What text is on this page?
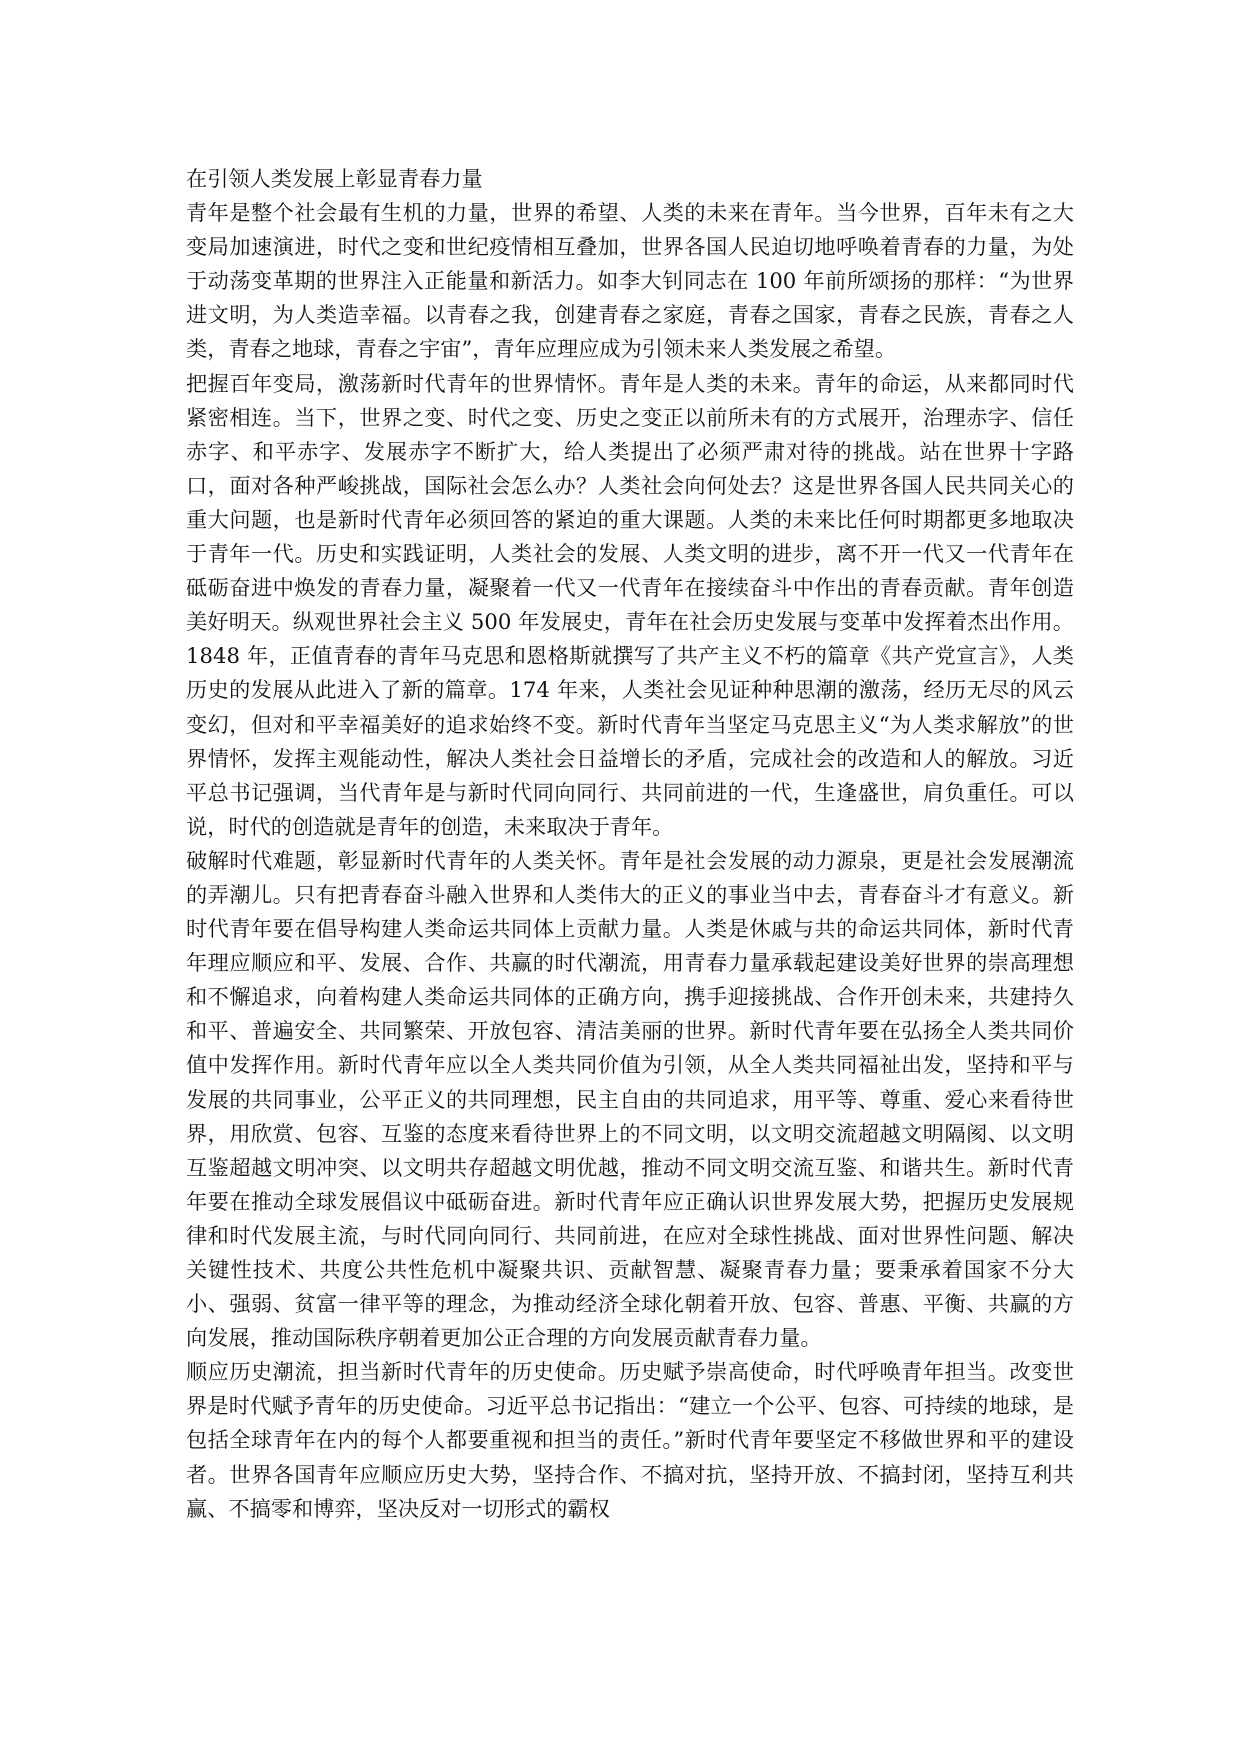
在引领人类发展上彰显青春力量

青年是整个社会最有生机的力量，世界的希望、人类的未来在青年。当今世界，百年未有之大变局加速演进，时代之变和世纪疫情相互叠加，世界各国人民迫切地呼唤着青春的力量，为处于动荡变革期的世界注入正能量和新活力。如李大钊同志在 100 年前所颂扬的那样：“为世界进文明，为人类造幸福。以青春之我，创建青春之家庭，青春之国家，青春之民族，青春之人类，青春之地球，青春之宇宙”，青年应理应成为引领未来人类发展之希望。

把握百年变局，激荡新时代青年的世界情怀。青年是人类的未来。青年的命运，从来都同时代紧密相连。当下，世界之变、时代之变、历史之变正以前所未有的方式展开，治理赤字、信任赤字、和平赤字、发展赤字不断扩大，给人类提出了必须严肃对待的挑战。站在世界十字路口，面对各种严峻挑战，国际社会怎么办？人类社会向何处去？这是世界各国人民共同关心的重大问题，也是新时代青年必须回答的紧迫的重大课题。人类的未来比任何时期都更多地取决于青年一代。历史和实践证明，人类社会的发展、人类文明的进步，离不开一代又一代青年在砥砺奋进中焕发的青春力量，凝聚着一代又一代青年在接续奋斗中作出的青春贡献。青年创造美好明天。纵观世界社会主义 500 年发展史，青年在社会历史发展与变革中发挥着杰出作用。1848 年，正值青春的青年马克思和恩格斯就撰写了共产主义不朽的篇章《共产党宣言》，人类历史的发展从此进入了新的篇章。174 年来，人类社会见证种种思潮的激荡，经历无尽的风云变幻，但对和平幸福美好的追求始终不变。新时代青年当坚定马克思主义“为人类求解放”的世界情怀，发挥主观能动性，解决人类社会日益增长的矛盾，完成社会的改造和人的解放。习近平总书记强调，当代青年是与新时代同向同行、共同前进的一代，生逢盛世，肩负重任。可以说，时代的创造就是青年的创造，未来取决于青年。

破解时代难题，彰显新时代青年的人类关怀。青年是社会发展的动力源泉，更是社会发展潮流的弄潮儿。只有把青春奋斗融入世界和人类伟大的正义的事业当中去，青春奋斗才有意义。新时代青年要在倡导构建人类命运共同体上贡献力量。人类是休戚与共的命运共同体，新时代青年理应顺应和平、发展、合作、共赢的时代潮流，用青春力量承载起建设美好世界的崇高理想和不懈追求，向着构建人类命运共同体的正确方向，携手迎接挑战、合作开创未来，共建持久和平、普遍安全、共同繁荣、开放包容、清洁美丽的世界。新时代青年要在弘扬全人类共同价值中发挥作用。新时代青年应以全人类共同价值为引领，从全人类共同福祉出发，坚持和平与发展的共同事业，公平正义的共同理想，民主自由的共同追求，用平等、尊重、爱心来看待世界，用欣赏、包容、互鉴的态度来看待世界上的不同文明，以文明交流超越文明隔阂、以文明互鉴超越文明冲突、以文明共存超越文明优越，推动不同文明交流互鉴、和谐共生。新时代青年要在推动全球发展倡议中砥砺奋进。新时代青年应正确认识世界发展大势，把握历史发展规律和时代发展主流，与时代同向同行、共同前进，在应对全球性挑战、面对世界性问题、解决关键性技术、共度公共性危机中凝聚共识、贡献智慧、凝聚青春力量；要秉承着国家不分大小、强弱、贫富一律平等的理念，为推动经济全球化朝着开放、包容、普惠、平衡、共赢的方向发展，推动国际秩序朝着更加公正合理的方向发展贡献青春力量。

顺应历史潮流，担当新时代青年的历史使命。历史赋予崇高使命，时代呼唤青年担当。改变世界是时代赋予青年的历史使命。习近平总书记指出：“建立一个公平、包容、可持续的地球，是包括全球青年在内的每个人都要重视和担当的责任。”新时代青年要坚定不移做世界和平的建设者。世界各国青年应顺应历史大势，坚持合作、不搞对抗，坚持开放、不搞封闭，坚持互利共赢、不搞零和博弈，坚决反对一切形式的霸权
